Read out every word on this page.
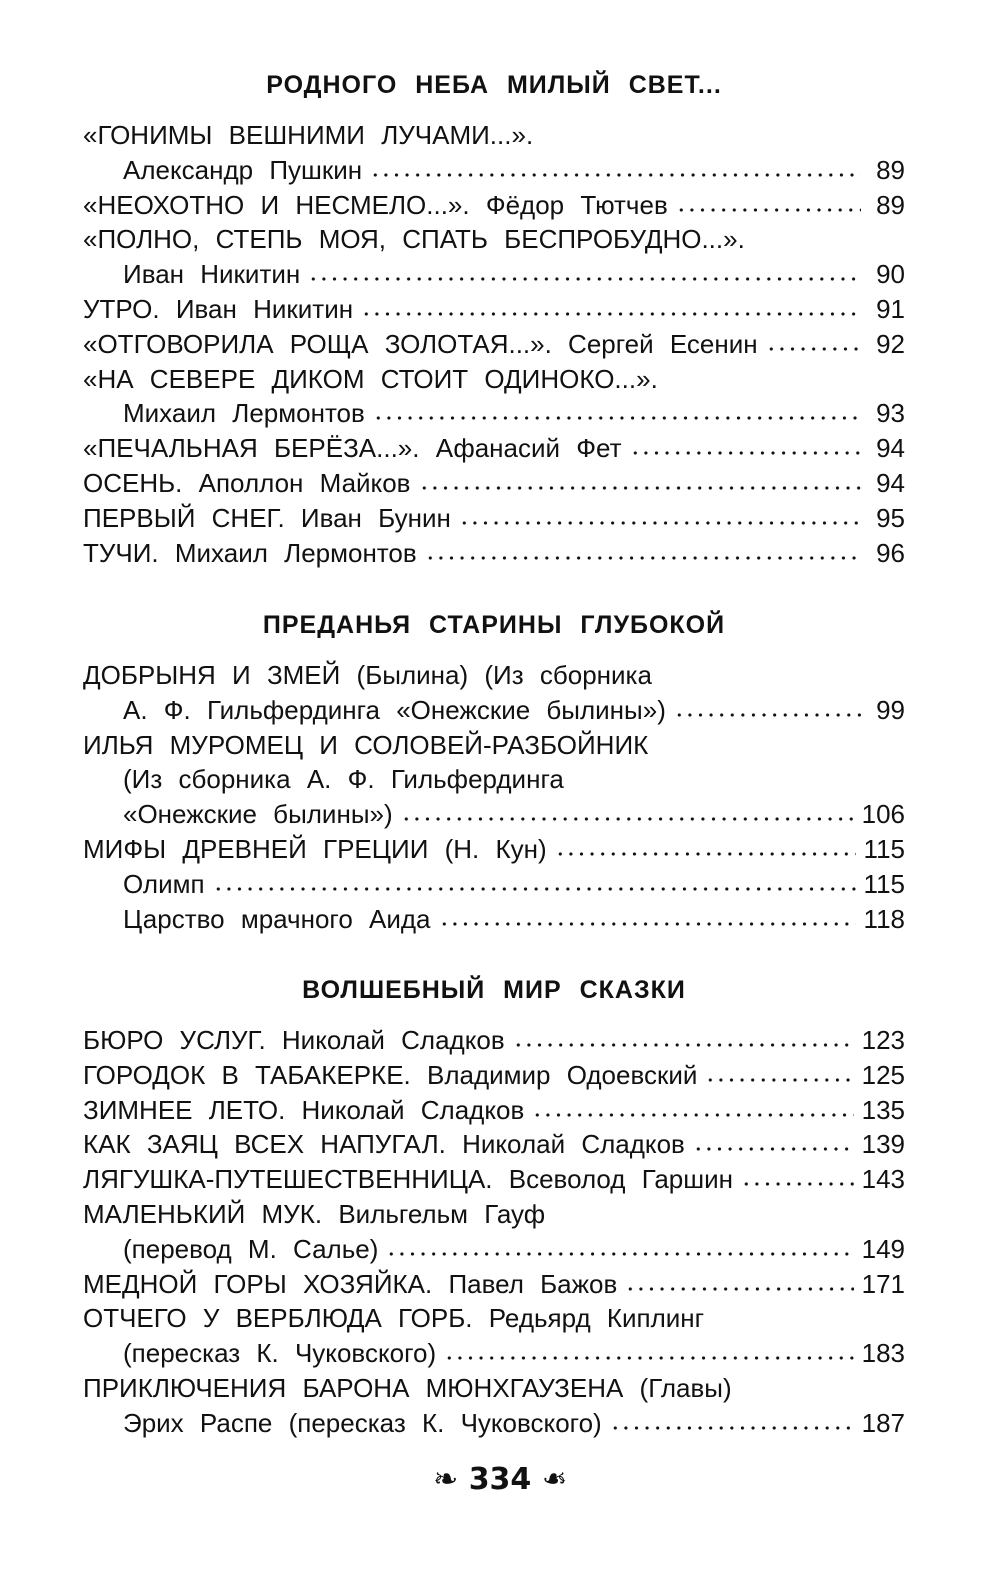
РОДНОГО НЕБА МИЛЫЙ СВЕТ...
«ГОНИМЫ ВЕШНИМИ ЛУЧАМИ...».
Александр Пушкин	89
«НЕОХОТНО И НЕСМЕЛО...». Фёдор Тютчев	89
«ПОЛНО, СТЕПЬ МОЯ, СПАТЬ БЕСПРОБУДНО...».
Иван Никитин	90
УТРО. Иван Никитин	91
«ОТГОВОРИЛА РОЩА ЗОЛОТАЯ...». Сергей Есенин	92
«НА СЕВЕРЕ ДИКОМ СТОИТ ОДИНОКО...».
Михаил Лермонтов	93
«ПЕЧАЛЬНАЯ БЕРЁЗА...». Афанасий Фет	94
ОСЕНЬ. Аполлон Майков	94
ПЕРВЫЙ СНЕГ. Иван Бунин	95
ТУЧИ. Михаил Лермонтов	96
ПРЕДАНЬЯ СТАРИНЫ ГЛУБОКОЙ
ДОБРЫНЯ И ЗМЕЙ (Былина) (Из сборника
А. Ф. Гильфердинга «Онежские былины»)	99
ИЛЬЯ МУРОМЕЦ И СОЛОВЕЙ-РАЗБОЙНИК
(Из сборника А. Ф. Гильфердинга
«Онежские былины»)	106
МИФЫ ДРЕВНЕЙ ГРЕЦИИ (Н. Кун)	115
Олимп	115
Царство мрачного Аида	118
ВОЛШЕБНЫЙ МИР СКАЗКИ
БЮРО УСЛУГ. Николай Сладков	123
ГОРОДОК В ТАБАКЕРКЕ. Владимир Одоевский	125
ЗИМНЕЕ ЛЕТО. Николай Сладков	135
КАК ЗАЯЦ ВСЕХ НАПУГАЛ. Николай Сладков	139
ЛЯГУШКА-ПУТЕШЕСТВЕННИЦА. Всеволод Гаршин	143
МАЛЕНЬКИЙ МУК. Вильгельм Гауф
(перевод М. Салье)	149
МЕДНОЙ ГОРЫ ХОЗЯЙКА. Павел Бажов	171
ОТЧЕГО У ВЕРБЛЮДА ГОРБ. Редьярд Киплинг
(пересказ К. Чуковского)	183
ПРИКЛЮЧЕНИЯ БАРОНА МЮНХГАУЗЕНА (Главы)
Эрих Распе (пересказ К. Чуковского)	187
❧ 334 ❧
